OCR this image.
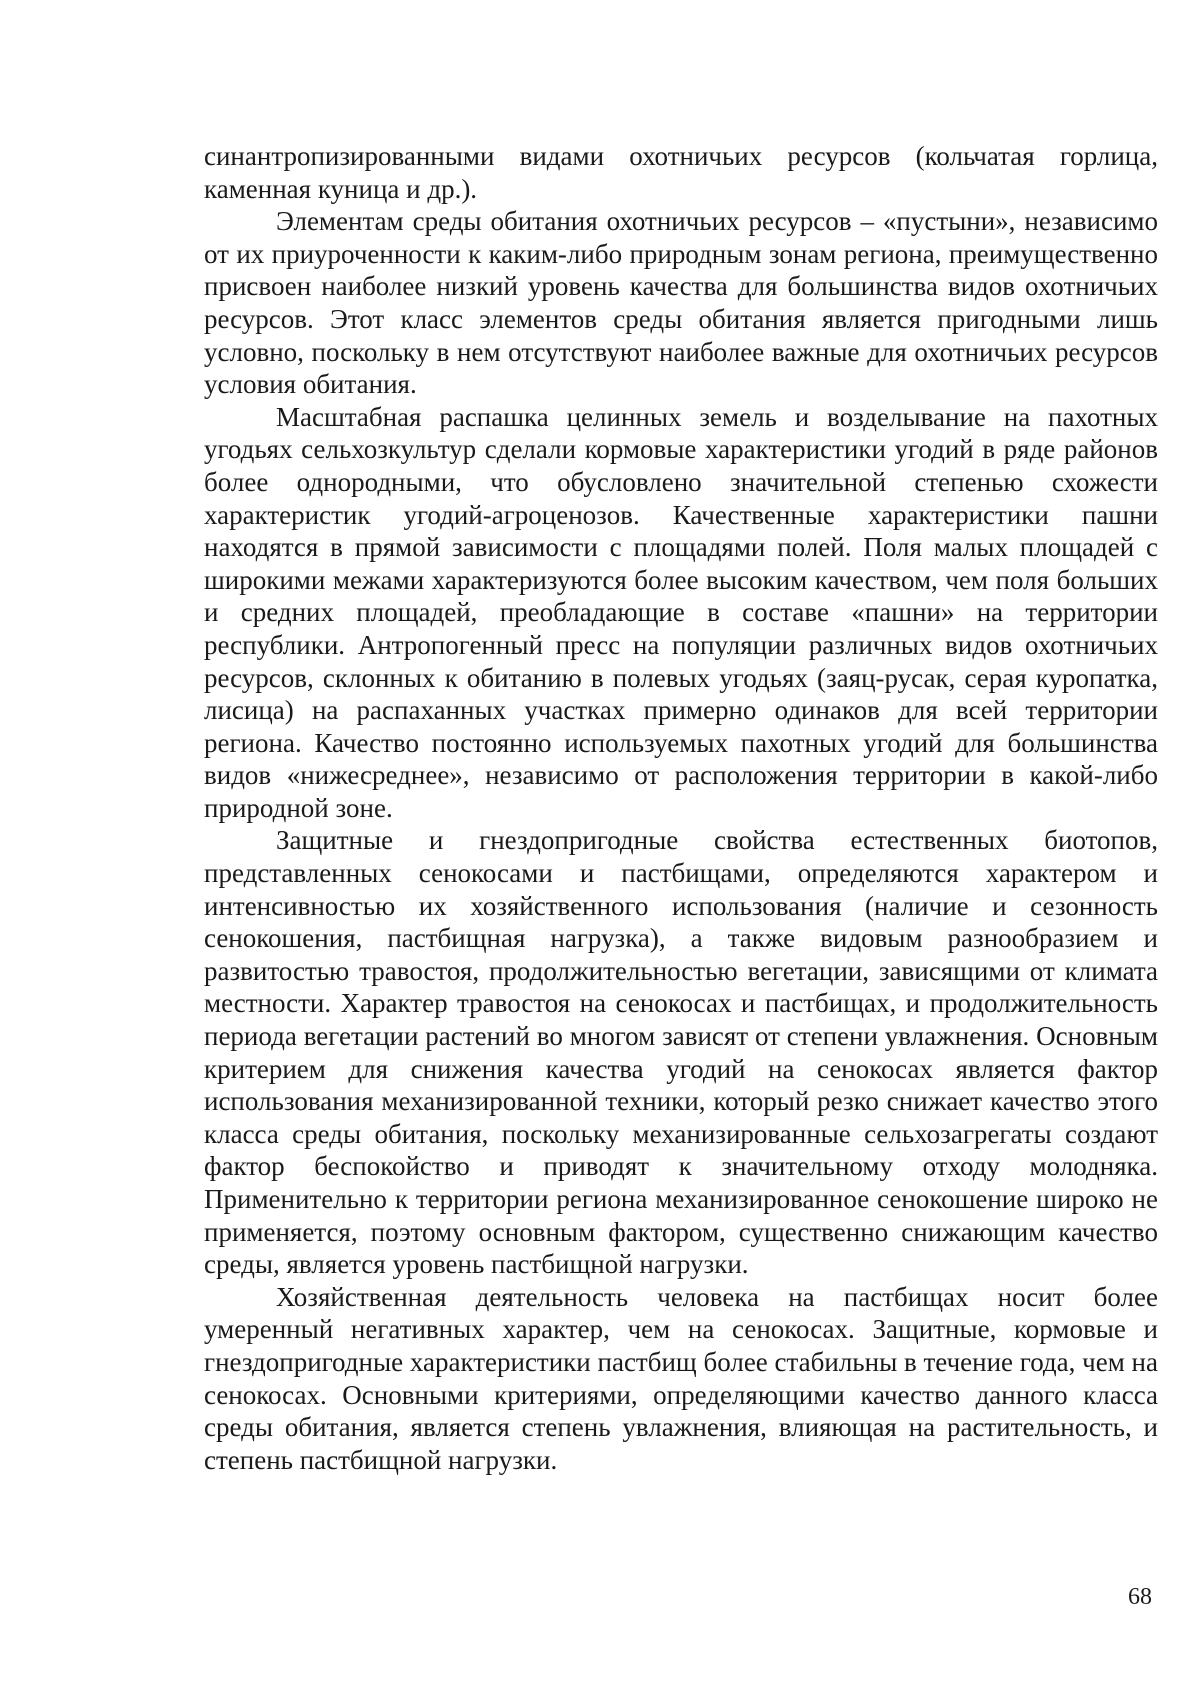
синантропизированными видами охотничьих ресурсов (кольчатая горлица, каменная куница и др.).

Элементам среды обитания охотничьих ресурсов – «пустыни», независимо от их приуроченности к каким-либо природным зонам региона, преимущественно присвоен наиболее низкий уровень качества для большинства видов охотничьих ресурсов. Этот класс элементов среды обитания является пригодными лишь условно, поскольку в нем отсутствуют наиболее важные для охотничьих ресурсов условия обитания.

Масштабная распашка целинных земель и возделывание на пахотных угодьях сельхозкультур сделали кормовые характеристики угодий в ряде районов более однородными, что обусловлено значительной степенью схожести характеристик угодий-агроценозов. Качественные характеристики пашни находятся в прямой зависимости с площадями полей. Поля малых площадей с широкими межами характеризуются более высоким качеством, чем поля больших и средних площадей, преобладающие в составе «пашни» на территории республики. Антропогенный пресс на популяции различных видов охотничьих ресурсов, склонных к обитанию в полевых угодьях (заяц-русак, серая куропатка, лисица) на распаханных участках примерно одинаков для всей территории региона. Качество постоянно используемых пахотных угодий для большинства видов «нижесреднее», независимо от расположения территории в какой-либо природной зоне.

Защитные и гнездопригодные свойства естественных биотопов, представленных сенокосами и пастбищами, определяются характером и интенсивностью их хозяйственного использования (наличие и сезонность сенокошения, пастбищная нагрузка), а также видовым разнообразием и развитостью травостоя, продолжительностью вегетации, зависящими от климата местности. Характер травостоя на сенокосах и пастбищах, и продолжительность периода вегетации растений во многом зависят от степени увлажнения. Основным критерием для снижения качества угодий на сенокосах является фактор использования механизированной техники, который резко снижает качество этого класса среды обитания, поскольку механизированные сельхозагрегаты создают фактор беспокойство и приводят к значительному отходу молодняка. Применительно к территории региона механизированное сенокошение широко не применяется, поэтому основным фактором, существенно снижающим качество среды, является уровень пастбищной нагрузки.

Хозяйственная деятельность человека на пастбищах носит более умеренный негативных характер, чем на сенокосах. Защитные, кормовые и гнездопригодные характеристики пастбищ более стабильны в течение года, чем на сенокосах. Основными критериями, определяющими качество данного класса среды обитания, является степень увлажнения, влияющая на растительность, и степень пастбищной нагрузки.

68
